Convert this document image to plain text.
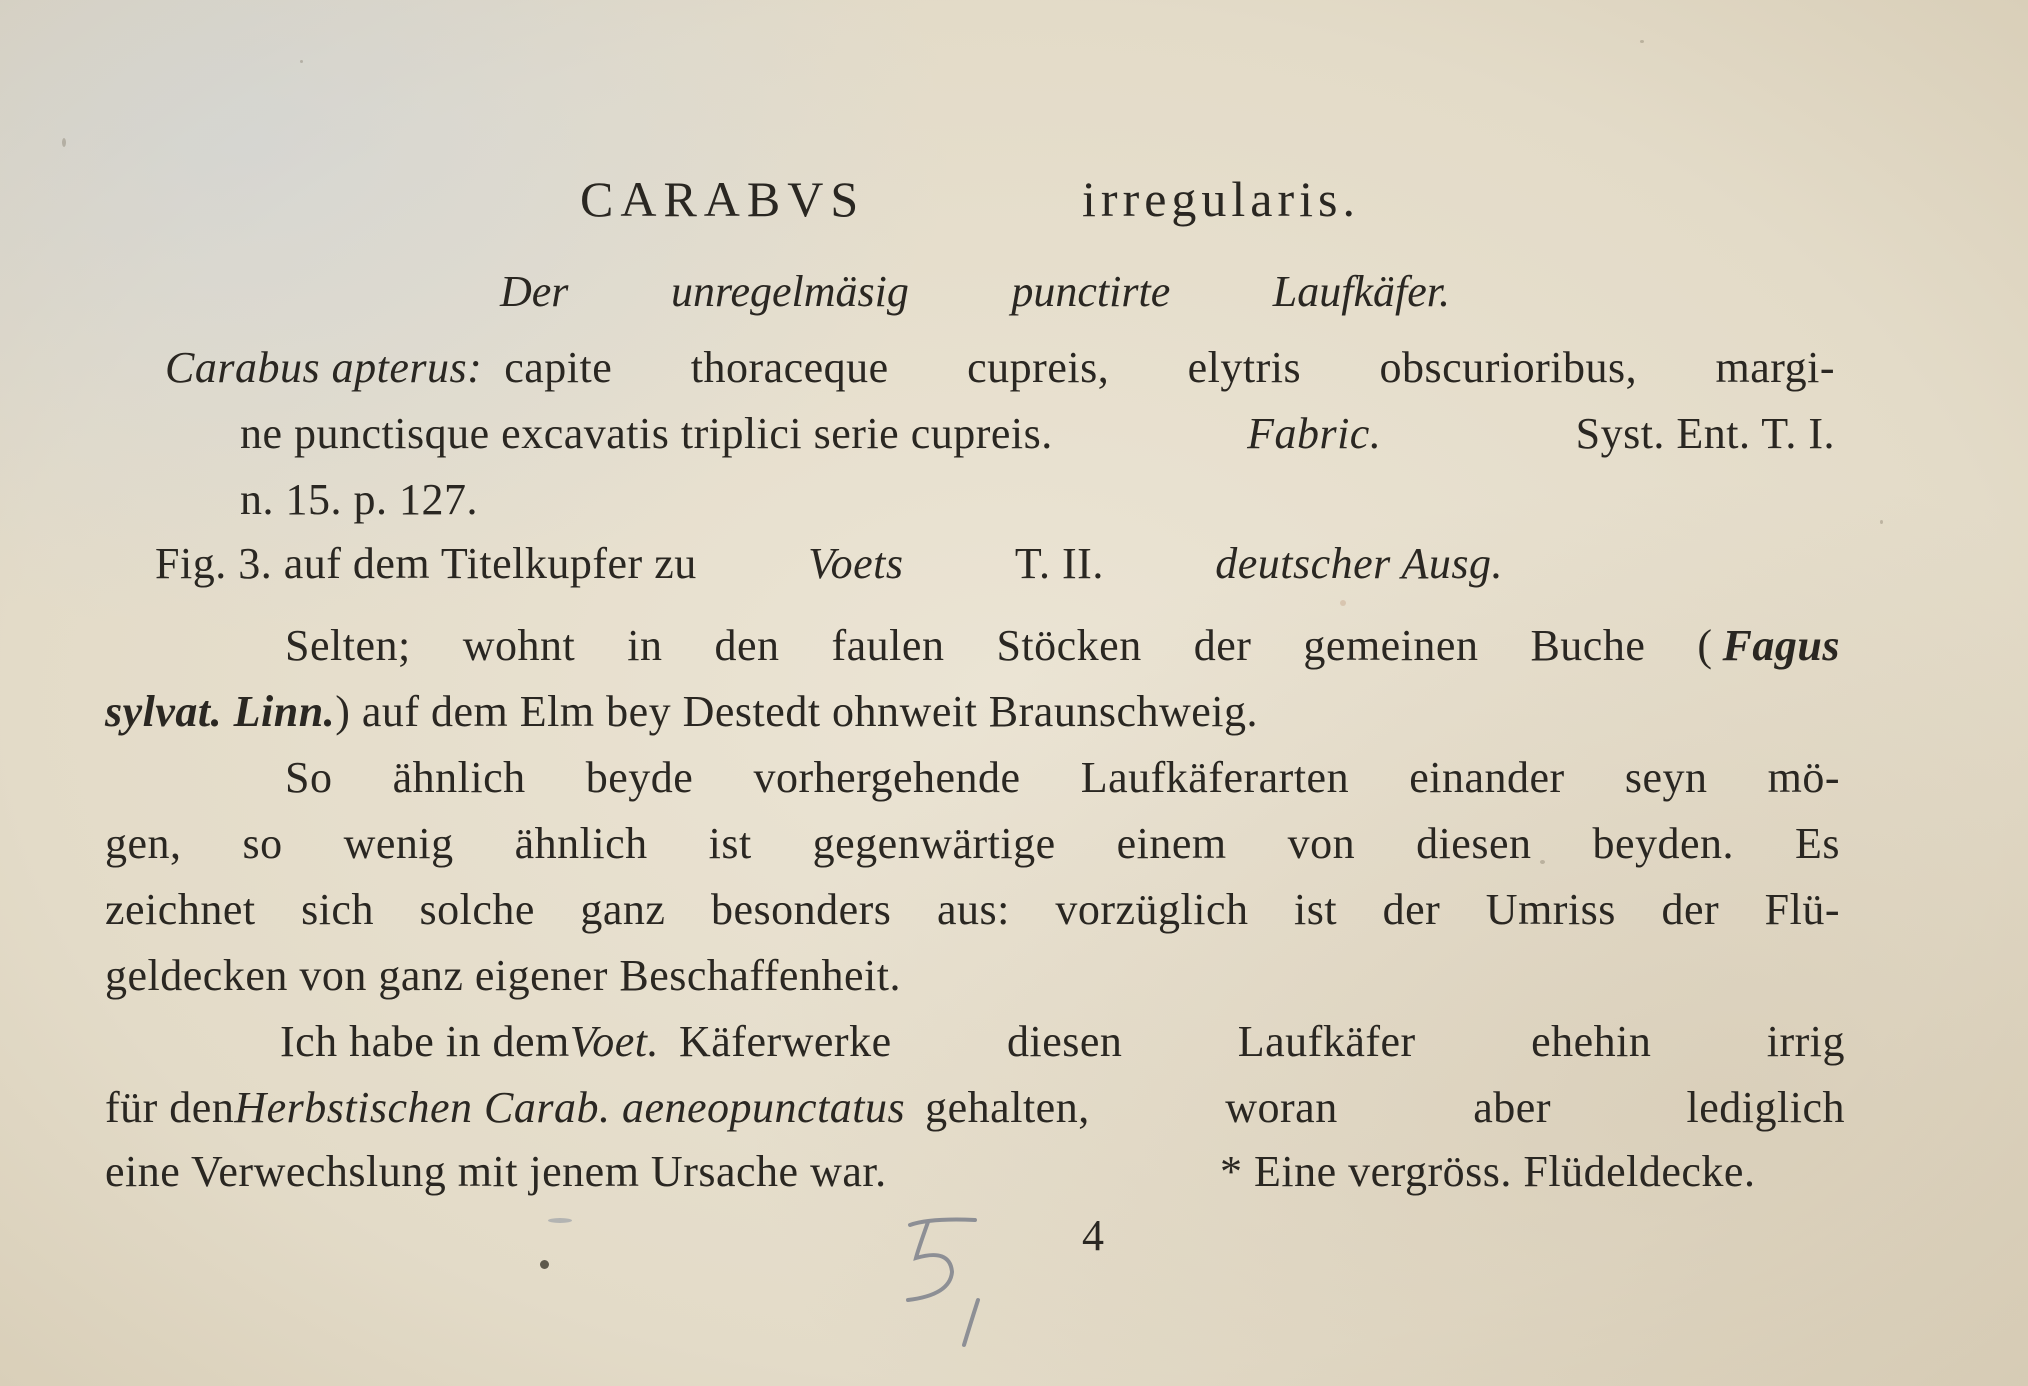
CARABVS	irregularis.
Der unregelmäsig punctirte Laufkäfer.
Carabus apterus: capite thoraceque cupreis, elytris obscurioribus, margi-
ne punctisque excavatis triplici serie cupreis.	Fabric.	Syst. Ent. T. I.
n. 15. p. 127.
Fig. 3. auf dem Titelkupfer zu	Voets	T. II.	deutscher Ausg.
Selten; wohnt in den faulen Stöcken der gemeinen Buche ( Fagus
sylvat. Linn.) auf dem Elm bey Destedt ohnweit Braunschweig.
So ähnlich beyde vorhergehende Laufkäferarten einander seyn mö-
gen, so wenig ähnlich ist gegenwärtige einem von diesen beyden. Es
zeichnet sich solche ganz besonders aus: vorzüglich ist der Umriss der Flü-
geldecken von ganz eigener Beschaffenheit.
Ich habe in dem Voet. Käferwerke diesen Laufkäfer ehehin irrig
für den Herbstischen Carab. aeneopunctatus gehalten, woran aber lediglich
eine Verwechslung mit jenem Ursache war.	* Eine vergröss. Flüdeldecke.
4
5
